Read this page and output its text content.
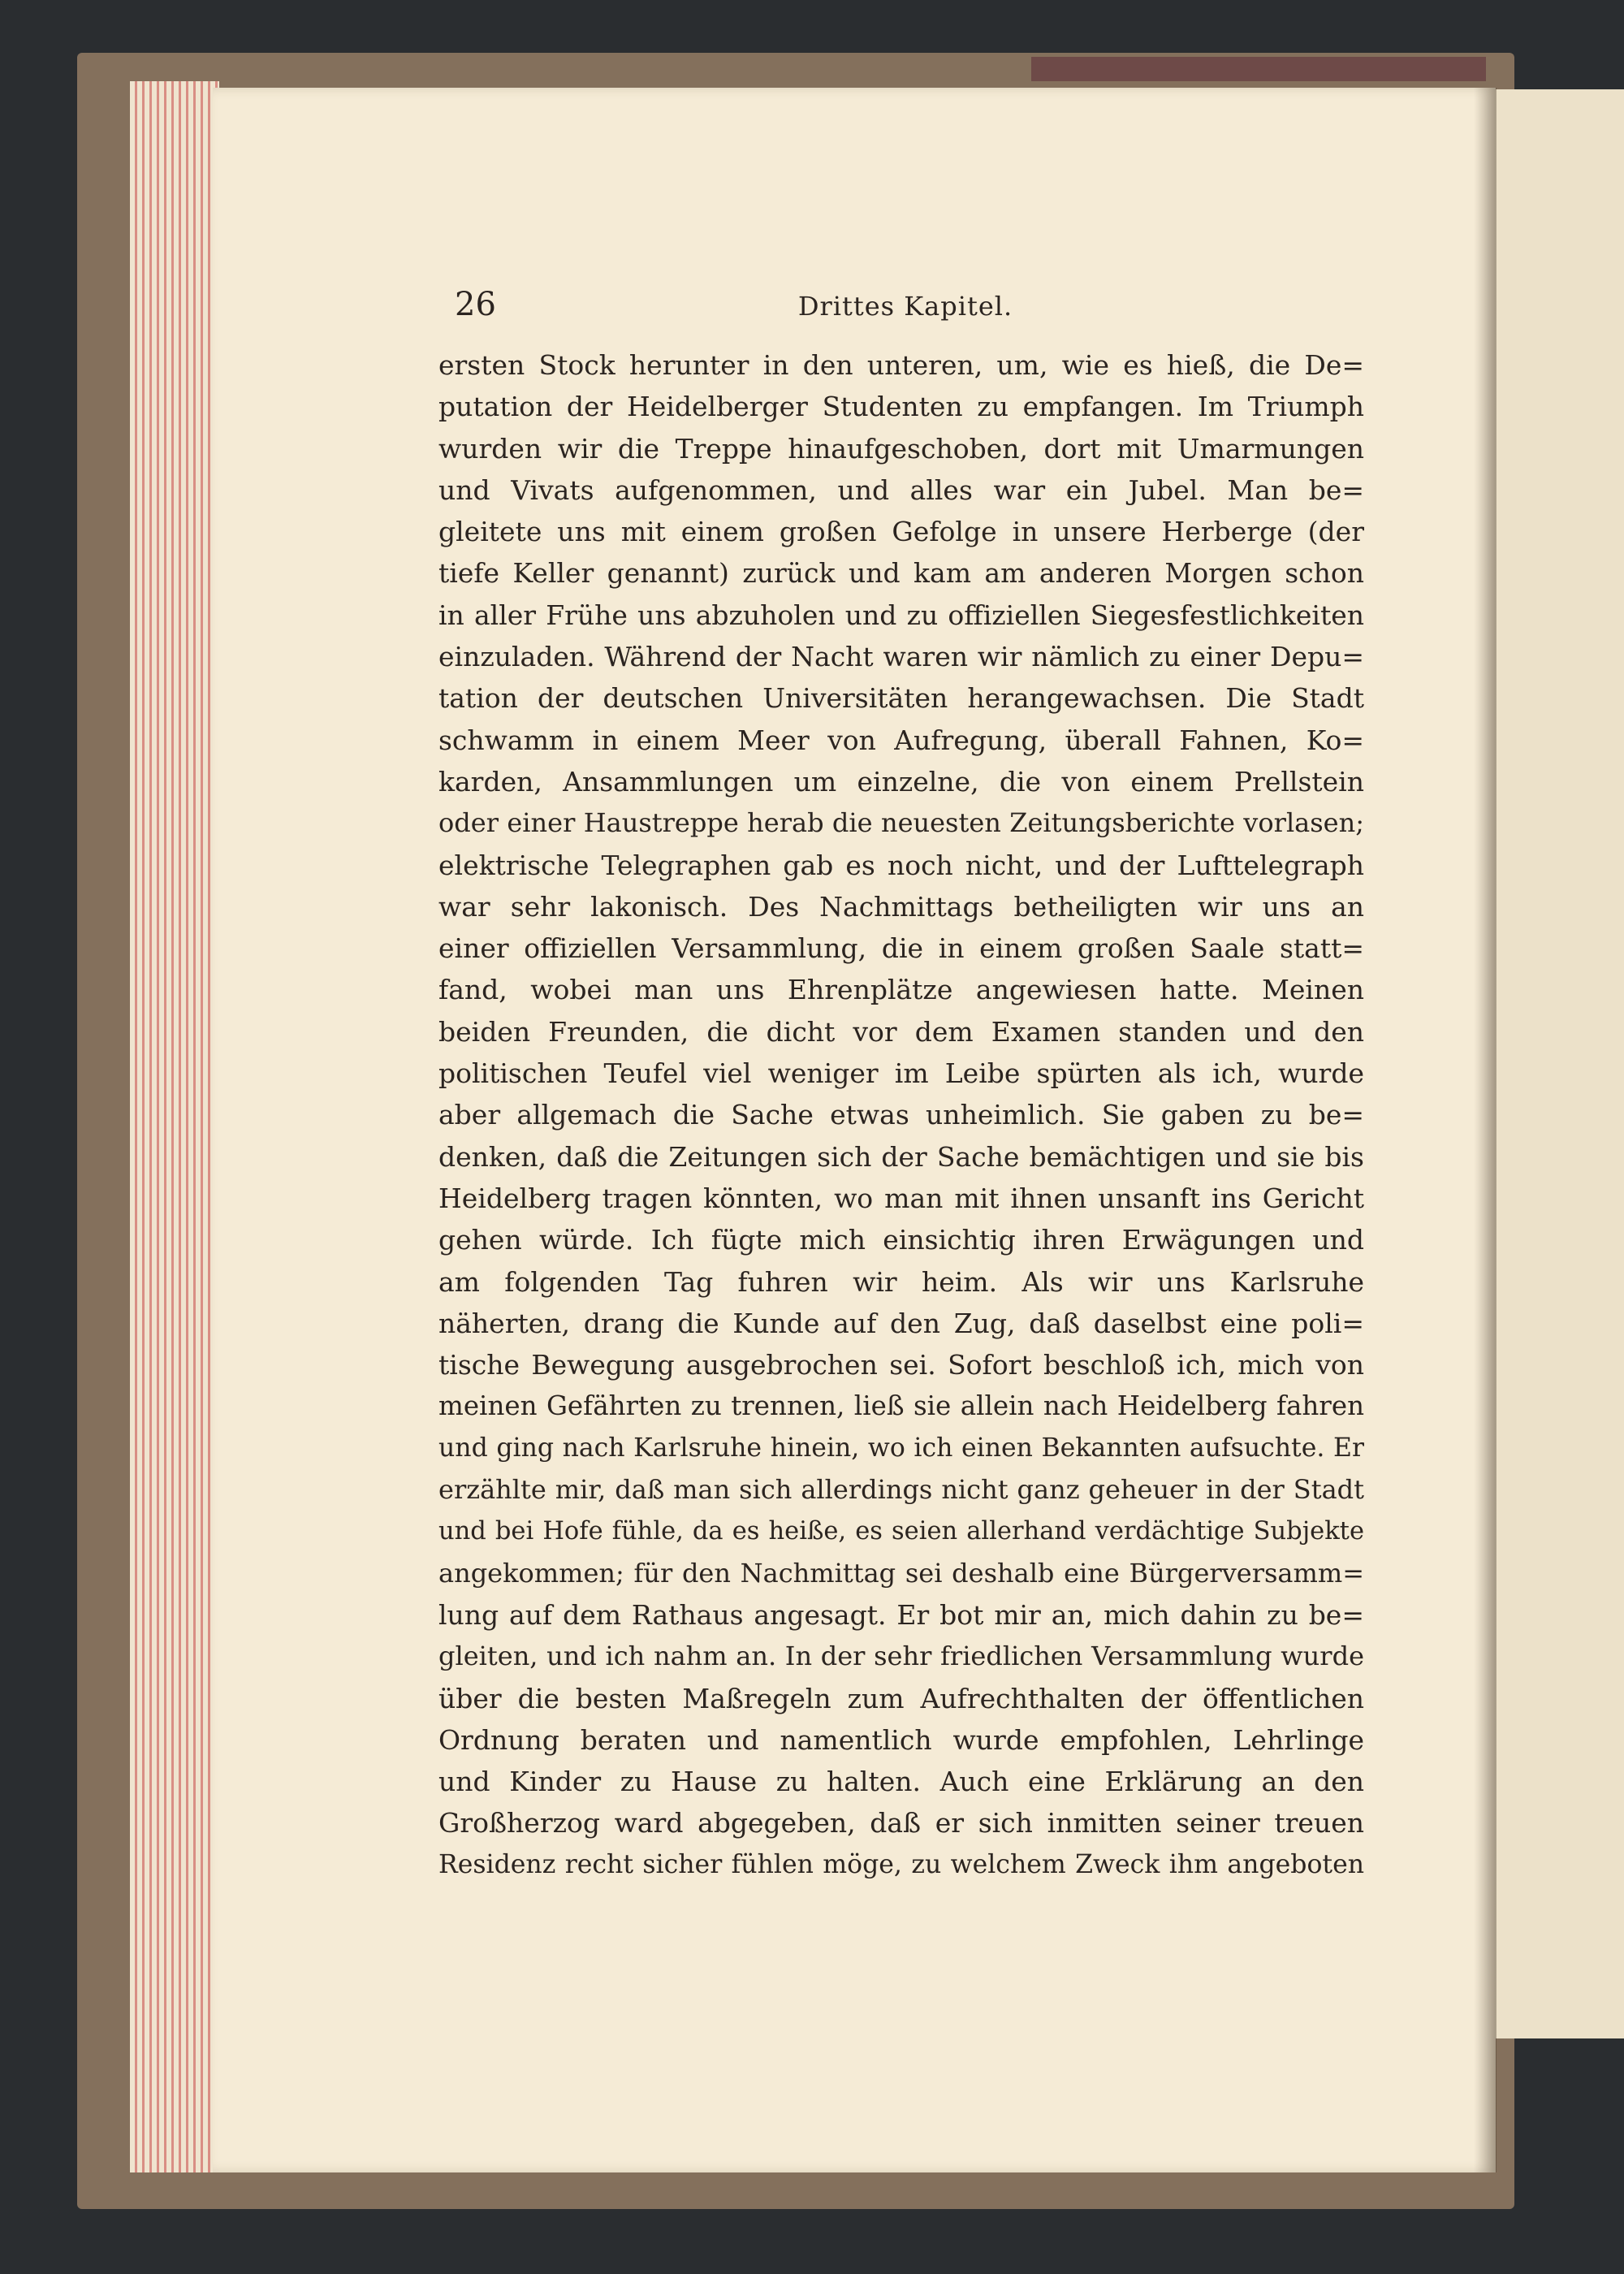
26	Drittes Kapitel.
ersten Stock herunter in den unteren, um, wie es hieß, die De=
putation der Heidelberger Studenten zu empfangen. Im Triumph
wurden wir die Treppe hinaufgeschoben, dort mit Umarmungen
und Vivats aufgenommen, und alles war ein Jubel. Man be=
gleitete uns mit einem großen Gefolge in unsere Herberge (der
tiefe Keller genannt) zurück und kam am anderen Morgen schon
in aller Frühe uns abzuholen und zu offiziellen Siegesfestlichkeiten
einzuladen. Während der Nacht waren wir nämlich zu einer Depu=
tation der deutschen Universitäten herangewachsen. Die Stadt
schwamm in einem Meer von Aufregung, überall Fahnen, Ko=
karden, Ansammlungen um einzelne, die von einem Prellstein
oder einer Haustreppe herab die neuesten Zeitungsberichte vorlasen;
elektrische Telegraphen gab es noch nicht, und der Lufttelegraph
war sehr lakonisch. Des Nachmittags betheiligten wir uns an
einer offiziellen Versammlung, die in einem großen Saale statt=
fand, wobei man uns Ehrenplätze angewiesen hatte. Meinen
beiden Freunden, die dicht vor dem Examen standen und den
politischen Teufel viel weniger im Leibe spürten als ich, wurde
aber allgemach die Sache etwas unheimlich. Sie gaben zu be=
denken, daß die Zeitungen sich der Sache bemächtigen und sie bis
Heidelberg tragen könnten, wo man mit ihnen unsanft ins Gericht
gehen würde. Ich fügte mich einsichtig ihren Erwägungen und
am folgenden Tag fuhren wir heim. Als wir uns Karlsruhe
näherten, drang die Kunde auf den Zug, daß daselbst eine poli=
tische Bewegung ausgebrochen sei. Sofort beschloß ich, mich von
meinen Gefährten zu trennen, ließ sie allein nach Heidelberg fahren
und ging nach Karlsruhe hinein, wo ich einen Bekannten aufsuchte. Er
erzählte mir, daß man sich allerdings nicht ganz geheuer in der Stadt
und bei Hofe fühle, da es heiße, es seien allerhand verdächtige Subjekte
angekommen; für den Nachmittag sei deshalb eine Bürgerversamm=
lung auf dem Rathaus angesagt. Er bot mir an, mich dahin zu be=
gleiten, und ich nahm an. In der sehr friedlichen Versammlung wurde
über die besten Maßregeln zum Aufrechthalten der öffentlichen
Ordnung beraten und namentlich wurde empfohlen, Lehrlinge
und Kinder zu Hause zu halten. Auch eine Erklärung an den
Großherzog ward abgegeben, daß er sich inmitten seiner treuen
Residenz recht sicher fühlen möge, zu welchem Zweck ihm angeboten
